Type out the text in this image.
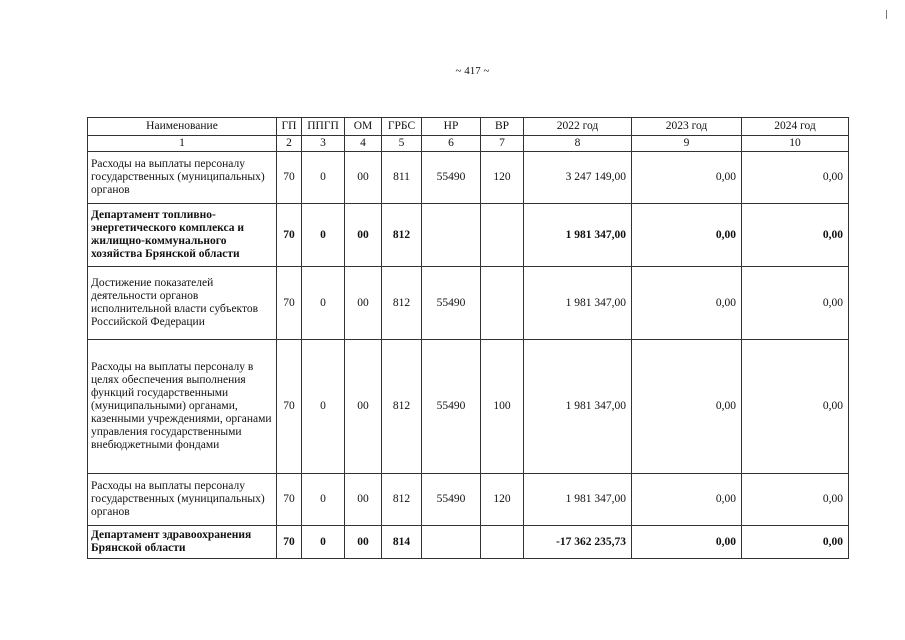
~ 417 ~
Наименование	ГП	ППГП	ОМ	ГРБС	НР	ВР	2022 год	2023 год	2024 год
1	2	3	4	5	6	7	8	9	10
Расходы на выплаты персоналу государственных (муниципальных) органов	70	0	00	811	55490	120	3 247 149,00	0,00	0,00
Департамент топливно-энергетического комплекса и жилищно-коммунального хозяйства Брянской области	70	0	00	812			1 981 347,00	0,00	0,00
Достижение показателей деятельности органов исполнительной власти субъектов Российской Федерации	70	0	00	812	55490		1 981 347,00	0,00	0,00
Расходы на выплаты персоналу в целях обеспечения выполнения функций государственными (муниципальными) органами, казенными учреждениями, органами управления государственными внебюджетными фондами	70	0	00	812	55490	100	1 981 347,00	0,00	0,00
Расходы на выплаты персоналу государственных (муниципальных) органов	70	0	00	812	55490	120	1 981 347,00	0,00	0,00
Департамент здравоохранения Брянской области	70	0	00	814			-17 362 235,73	0,00	0,00
